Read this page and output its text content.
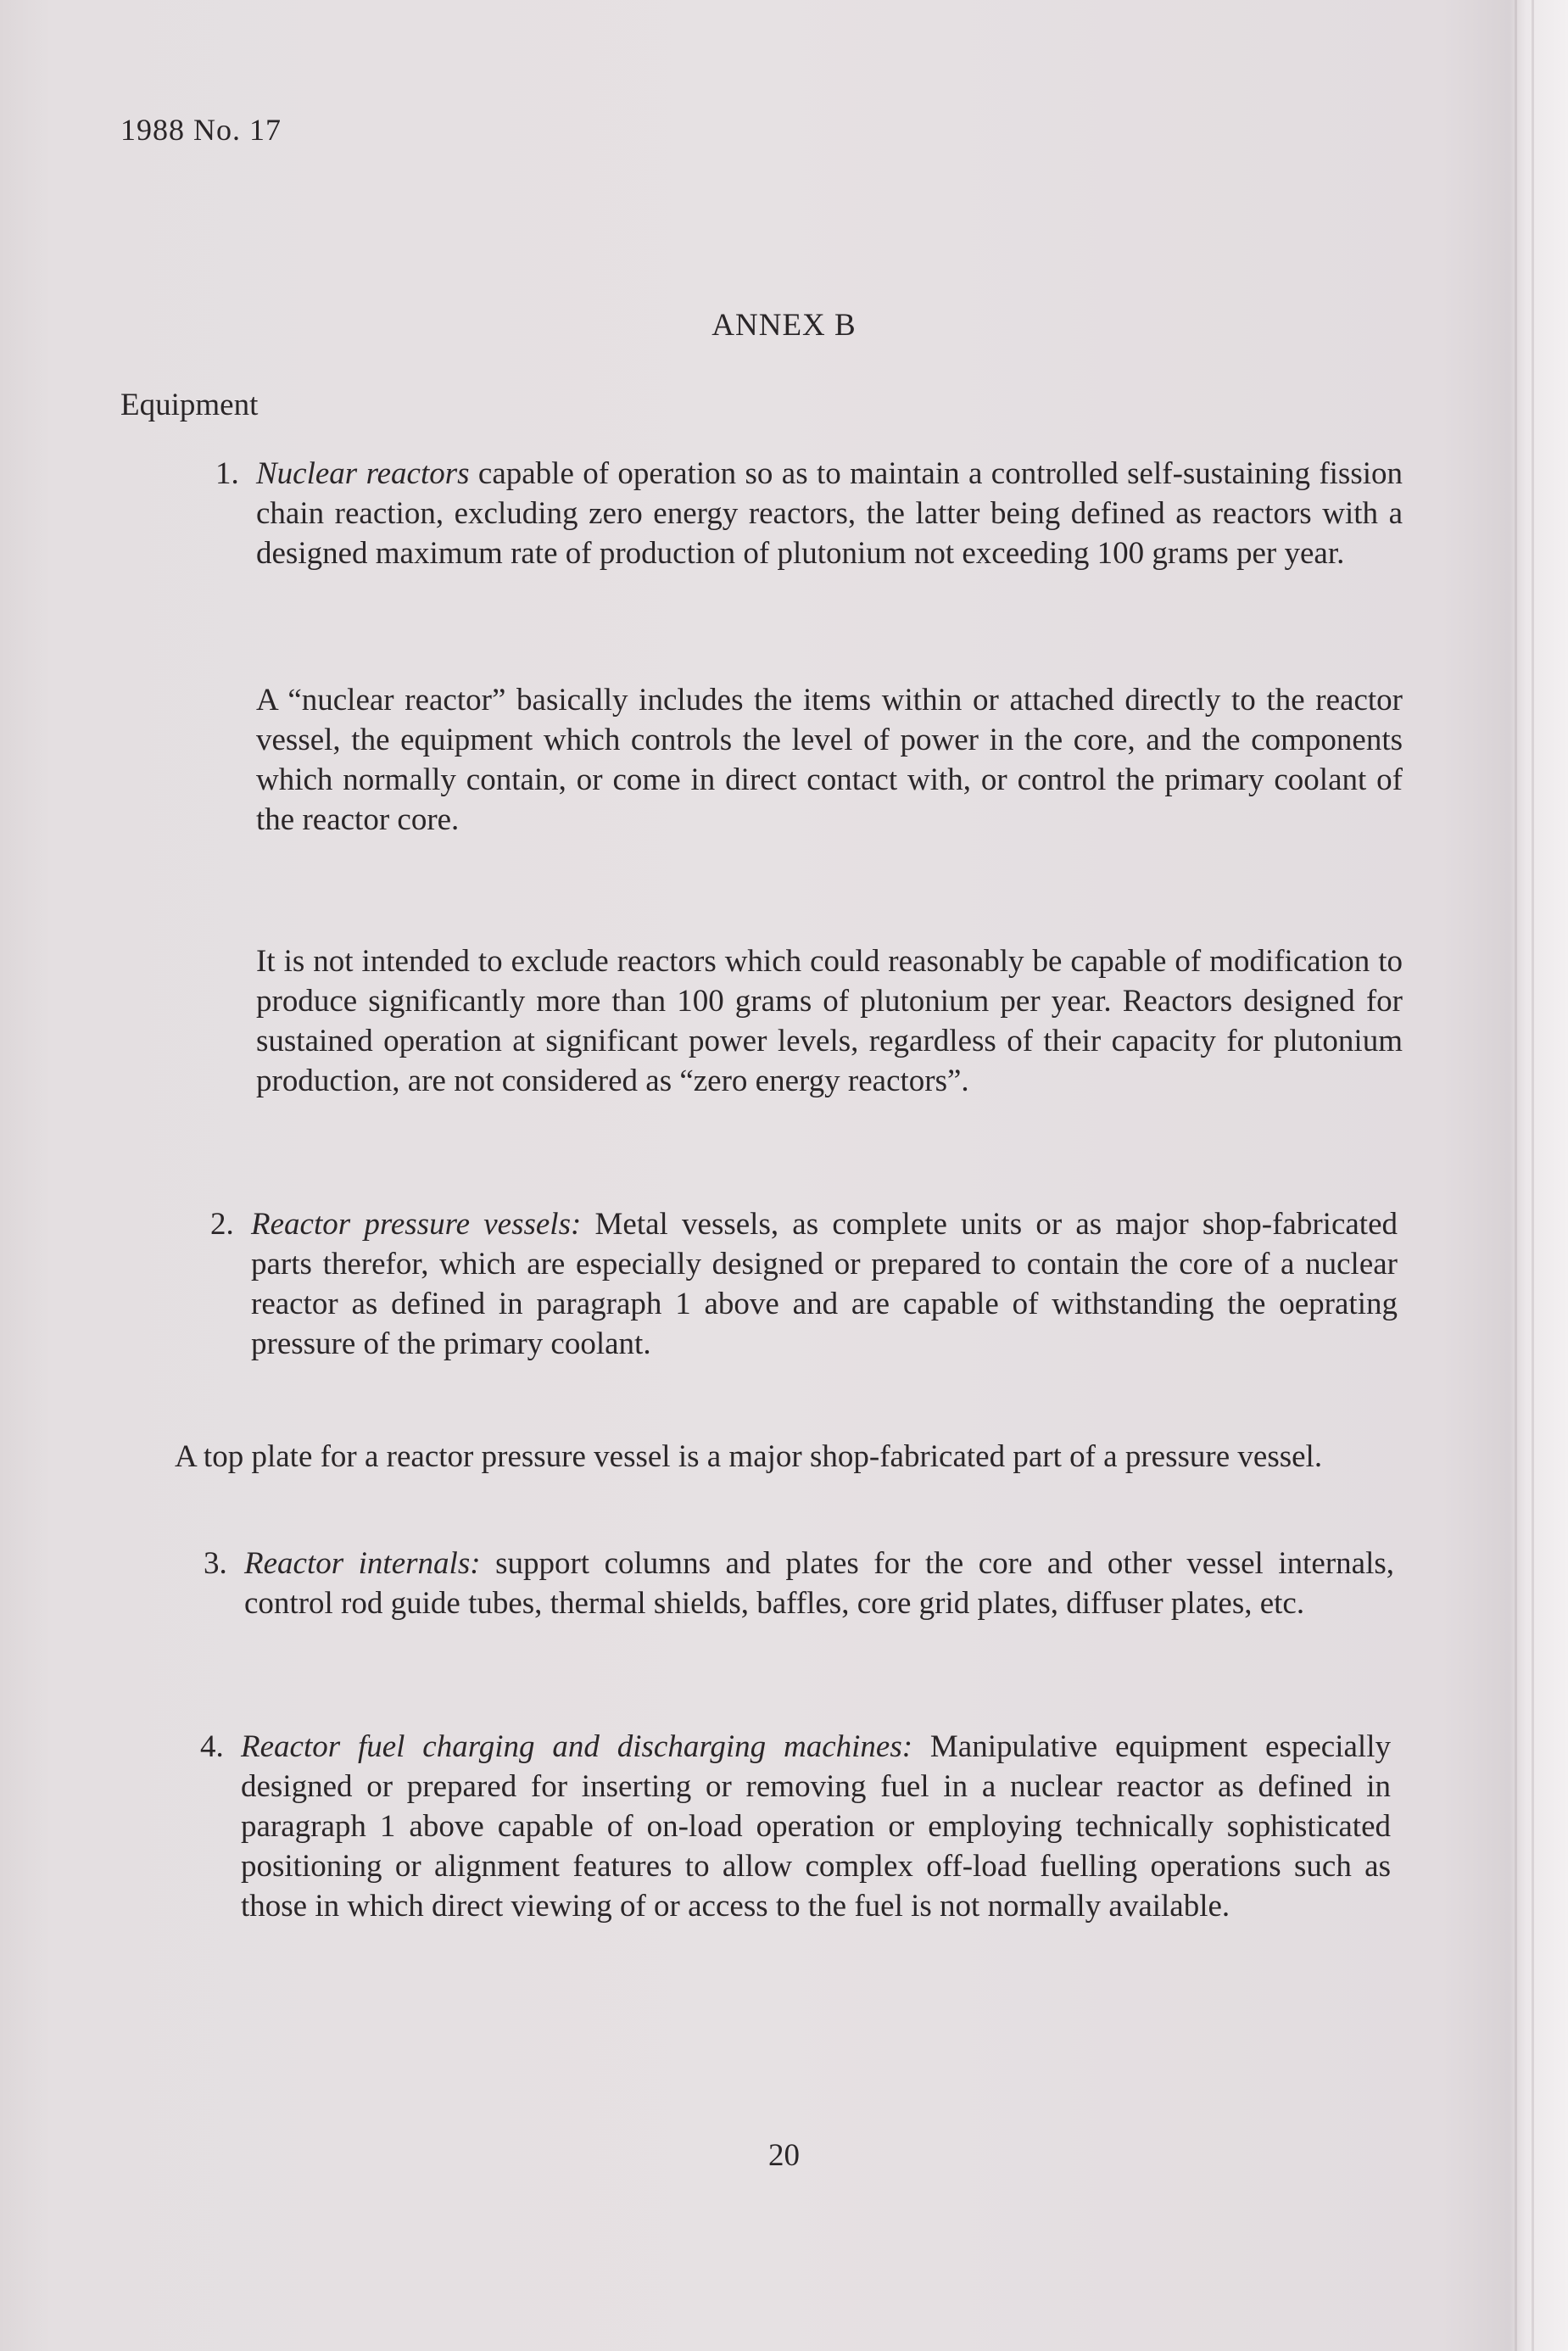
1988 No. 17
ANNEX B
Equipment
1. Nuclear reactors capable of operation so as to maintain a controlled self-sustaining fission chain reaction, excluding zero energy reactors, the latter being defined as reactors with a designed maximum rate of production of plutonium not exceeding 100 grams per year.
A “nuclear reactor” basically includes the items within or attached directly to the reactor vessel, the equipment which controls the level of power in the core, and the components which normally contain, or come in direct contact with, or control the primary coolant of the reactor core.
It is not intended to exclude reactors which could reasonably be capable of modification to produce significantly more than 100 grams of plutonium per year. Reactors designed for sustained operation at significant power levels, regardless of their capacity for plutonium production, are not considered as “zero energy reactors”.
2. Reactor pressure vessels: Metal vessels, as complete units or as major shop-fabricated parts therefor, which are especially designed or prepared to contain the core of a nuclear reactor as defined in paragraph 1 above and are capable of withstanding the oeprating pressure of the primary coolant.
A top plate for a reactor pressure vessel is a major shop-fabricated part of a pressure vessel.
3. Reactor internals: support columns and plates for the core and other vessel internals, control rod guide tubes, thermal shields, baffles, core grid plates, diffuser plates, etc.
4. Reactor fuel charging and discharging machines: Manipulative equipment especially designed or prepared for inserting or removing fuel in a nuclear reactor as defined in paragraph 1 above capable of on-load operation or employing technically sophisticated positioning or alignment features to allow complex off-load fuelling operations such as those in which direct viewing of or access to the fuel is not normally available.
20
